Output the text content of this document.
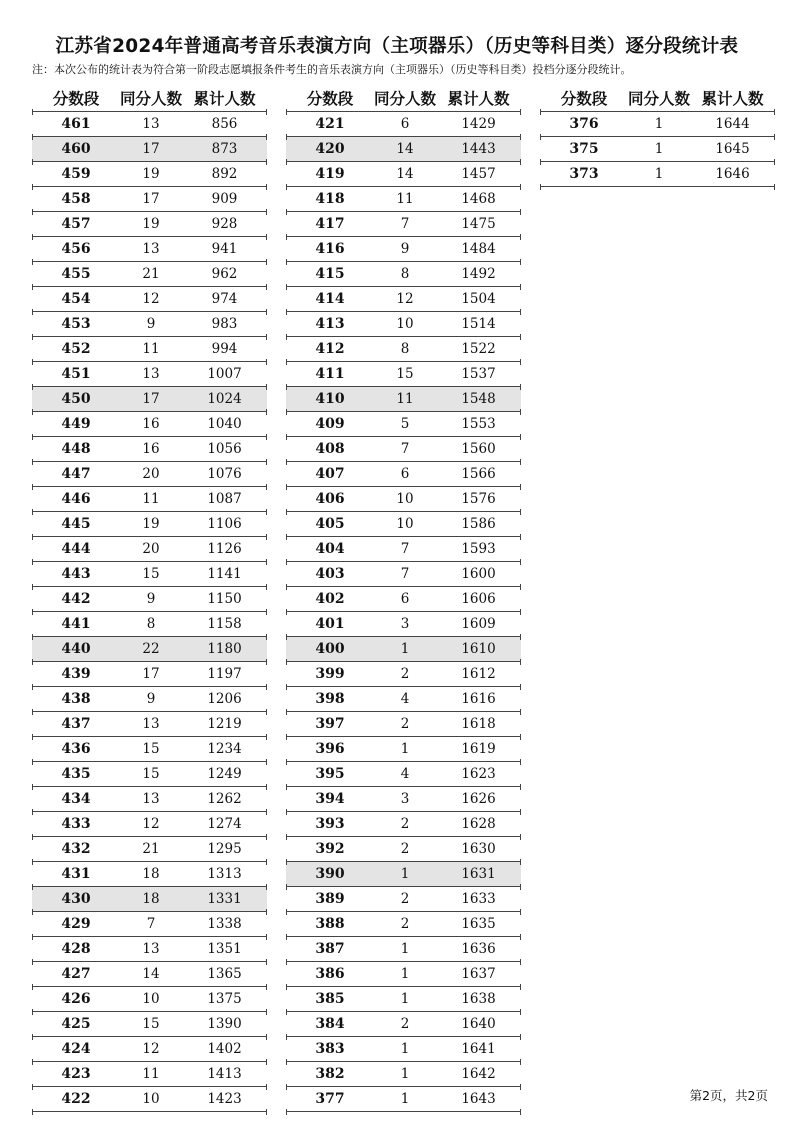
江苏省2024年普通高考音乐表演方向（主项器乐）（历史等科目类）逐分段统计表
注：本次公布的统计表为符合第一阶段志愿填报条件考生的音乐表演方向（主项器乐）（历史等科目类）投档分逐分段统计。
分数段	同分人数 累计人数
461	13	856
460	17	873
459	19	892
458	17	909
457	19	928
456	13	941
455	21	962
454	12	974
453	9	983
452	11	994
451	13	1007
450	17	1024
449	16	1040
448	16	1056
447	20	1076
446	11	1087
445	19	1106
444	20	1126
443	15	1141
442	9	1150
441	8	1158
440	22	1180
439	17	1197
438	9	1206
437	13	1219
436	15	1234
435	15	1249
434	13	1262
433	12	1274
432	21	1295
431	18	1313
430	18	1331
429	7	1338
428	13	1351
427	14	1365
426	10	1375
425	15	1390
424	12	1402
423	11	1413
422	10	1423
分数段	同分人数 累计人数
421	6	1429
420	14	1443
419	14	1457
418	11	1468
417	7	1475
416	9	1484
415	8	1492
414	12	1504
413	10	1514
412	8	1522
411	15	1537
410	11	1548
409	5	1553
408	7	1560
407	6	1566
406	10	1576
405	10	1586
404	7	1593
403	7	1600
402	6	1606
401	3	1609
400	1	1610
399	2	1612
398	4	1616
397	2	1618
396	1	1619
395	4	1623
394	3	1626
393	2	1628
392	2	1630
390	1	1631
389	2	1633
388	2	1635
387	1	1636
386	1	1637
385	1	1638
384	2	1640
383	1	1641
382	1	1642
377	1	1643
分数段	同分人数 累计人数
376	1	1644
375	1	1645
373	1	1646
第2页，共2页
